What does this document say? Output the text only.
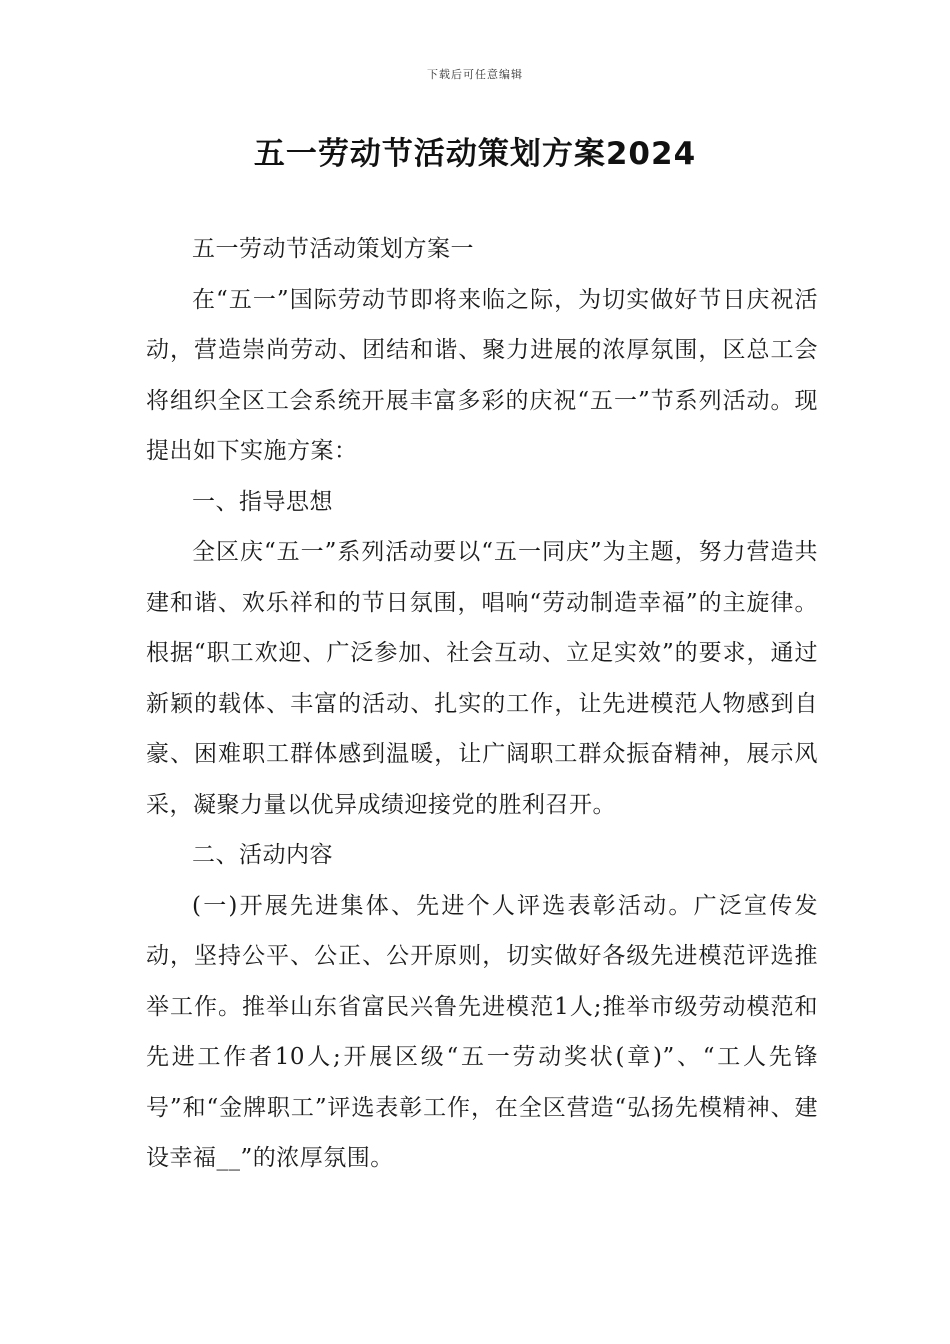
下载后可任意编辑
五一劳动节活动策划方案2024

五一劳动节活动策划方案一

在“五一”国际劳动节即将来临之际，为切实做好节日庆祝活动，营造崇尚劳动、团结和谐、聚力进展的浓厚氛围，区总工会将组织全区工会系统开展丰富多彩的庆祝“五一”节系列活动。现提出如下实施方案：

一、指导思想

全区庆“五一”系列活动要以“五一同庆”为主题，努力营造共建和谐、欢乐祥和的节日氛围，唱响“劳动制造幸福”的主旋律。根据“职工欢迎、广泛参加、社会互动、立足实效”的要求，通过新颖的载体、丰富的活动、扎实的工作，让先进模范人物感到自豪、困难职工群体感到温暖，让广阔职工群众振奋精神，展示风采，凝聚力量以优异成绩迎接党的胜利召开。

二、活动内容

(一)开展先进集体、先进个人评选表彰活动。广泛宣传发动，坚持公平、公正、公开原则，切实做好各级先进模范评选推举工作。推举山东省富民兴鲁先进模范1人;推举市级劳动模范和先进工作者10人;开展区级“五一劳动奖状(章)”、“工人先锋号”和“金牌职工”评选表彰工作，在全区营造“弘扬先模精神、建设幸福__”的浓厚氛围。
